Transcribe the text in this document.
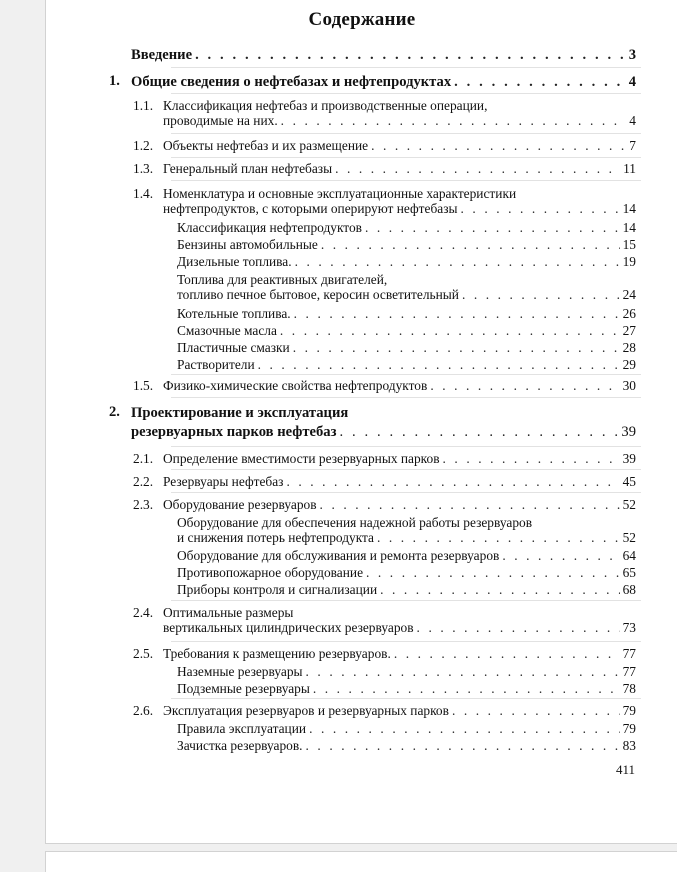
Содержание
Введение . . .	3
1. Общие сведения о нефтебазах и нефтепродуктах . . .	4
1.1. Классификация нефтебаз и производственные операции,
проводимые на них. . . .	4
1.2. Объекты нефтебаз и их размещение . . .	7
1.3. Генеральный план нефтебазы . . .	11
1.4. Номенклатура и основные эксплуатационные характеристики
нефтепродуктов, с которыми оперируют нефтебазы . . .	14
Классификация нефтепродуктов . . .	14
Бензины автомобильные . . .	15
Дизельные топлива. . . .	19
Топлива для реактивных двигателей,
топливо печное бытовое, керосин осветительный . . .	24
Котельные топлива. . . .	26
Смазочные масла . . .	27
Пластичные смазки . . .	28
Растворители . . .	29
1.5. Физико-химические свойства нефтепродуктов . . .	30
2. Проектирование и эксплуатация
резервуарных парков нефтебаз . . .	39
2.1. Определение вместимости резервуарных парков . . .	39
2.2. Резервуары нефтебаз . . .	45
2.3. Оборудование резервуаров . . .	52
Оборудование для обеспечения надежной работы резервуаров
и снижения потерь нефтепродукта . . .	52
Оборудование для обслуживания и ремонта резервуаров . . .	64
Противопожарное оборудование . . .	65
Приборы контроля и сигнализации . . .	68
2.4. Оптимальные размеры
вертикальных цилиндрических резервуаров . . .	73
2.5. Требования к размещению резервуаров. . . .	77
Наземные резервуары . . .	77
Подземные резервуары . . .	78
2.6. Эксплуатация резервуаров и резервуарных парков . . .	79
Правила эксплуатации . . .	79
Зачистка резервуаров. . . .	83
411
